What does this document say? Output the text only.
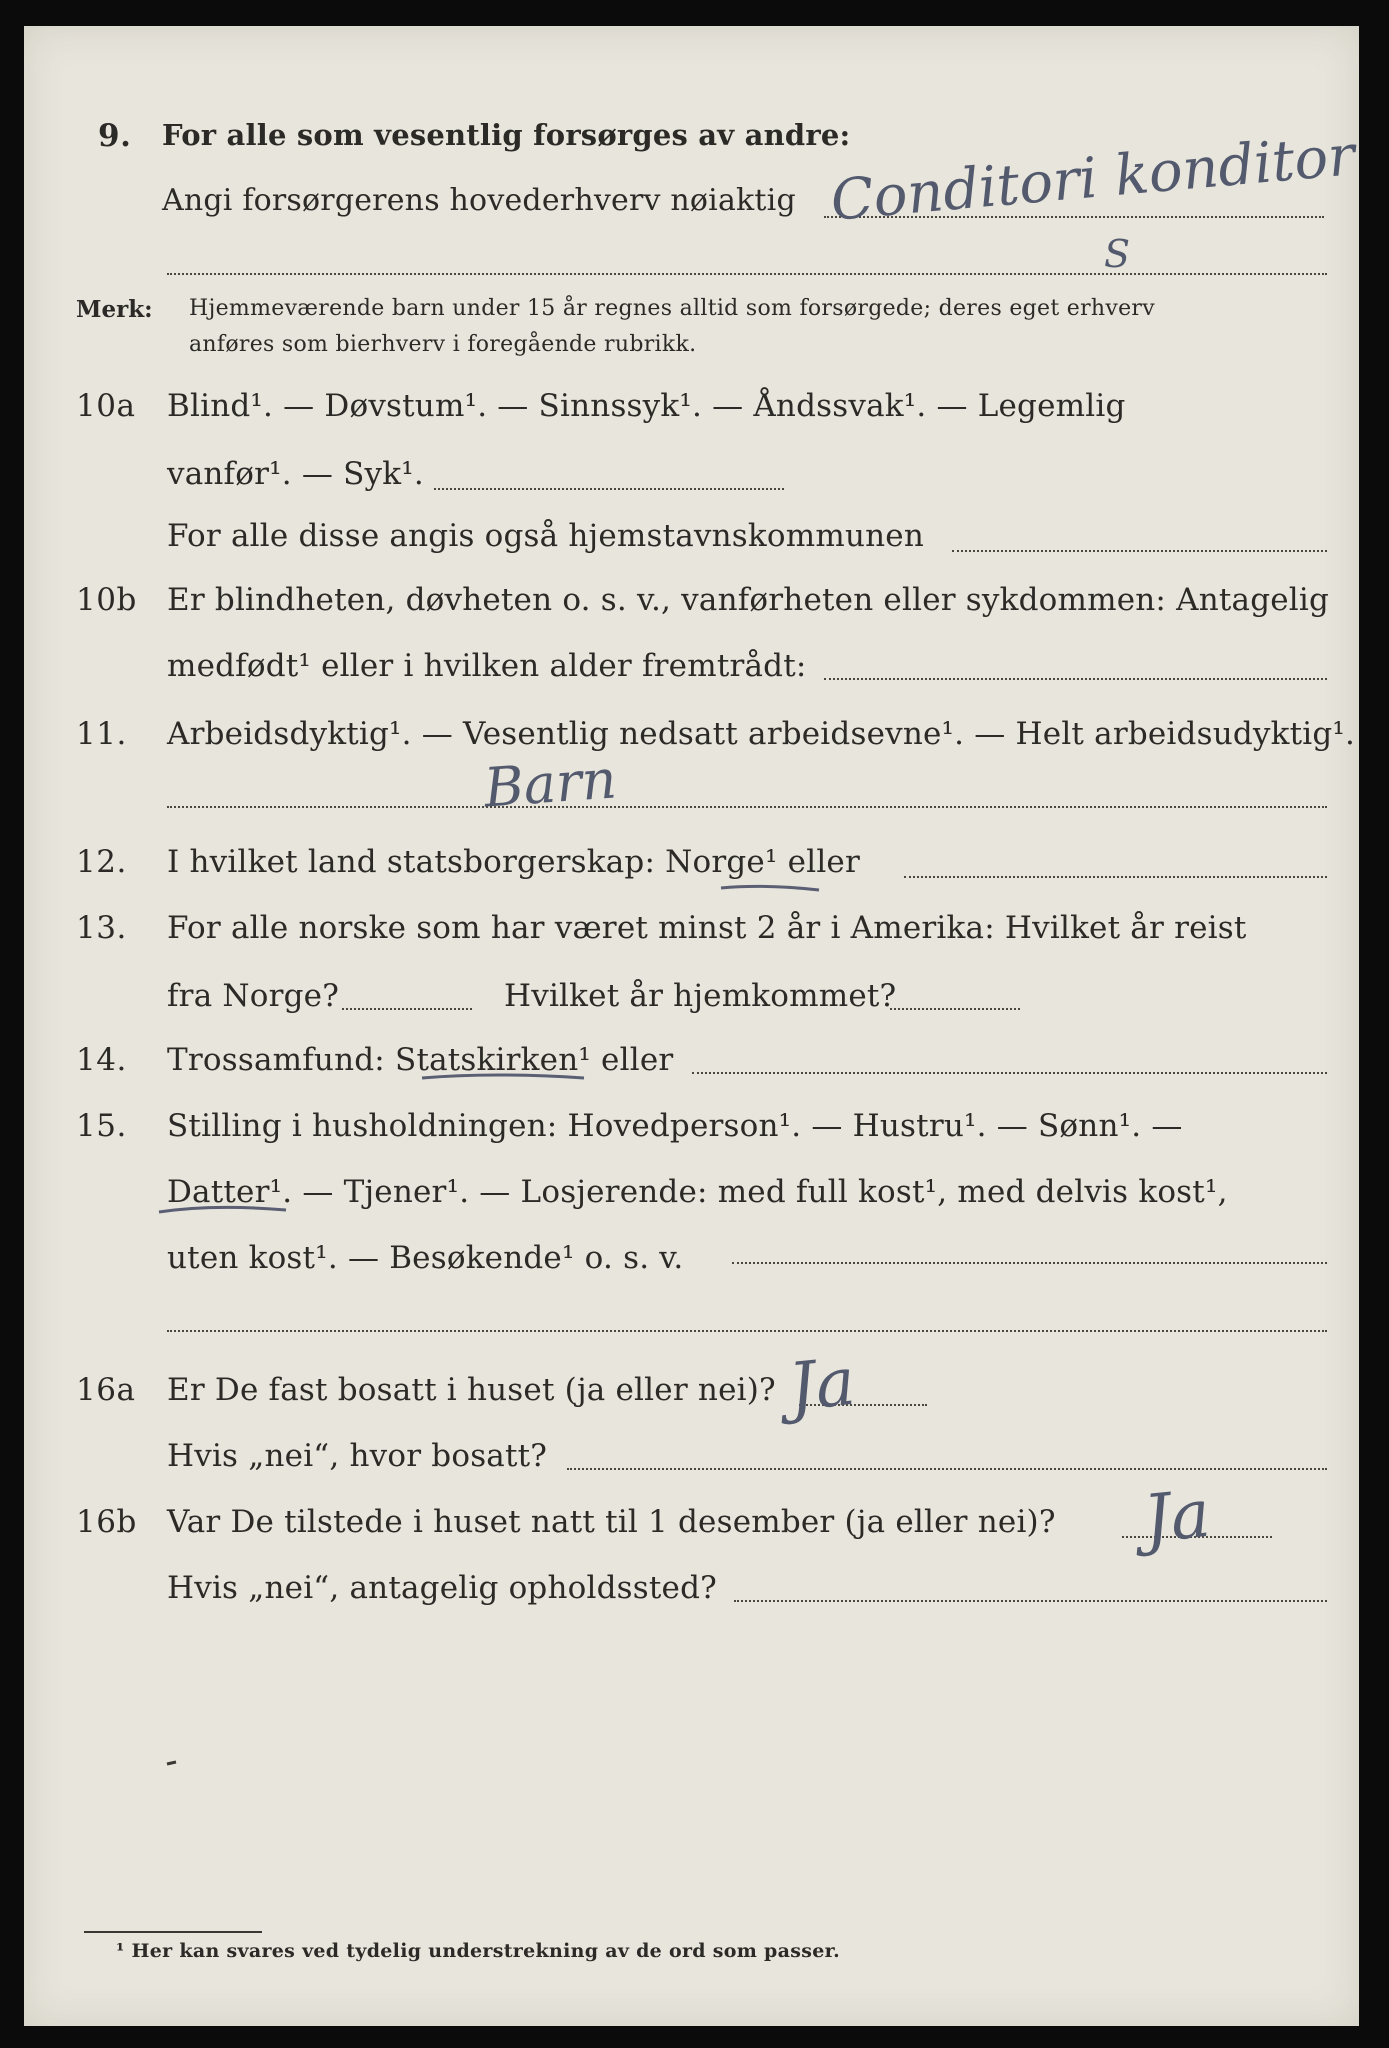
9. For alle som vesentlig forsørges av andre:
Angi forsørgerens hovederhverv nøiaktig Conditori konditor
S
Merk: Hjemmeværende barn under 15 år regnes alltid som forsørgede; deres eget erhverv
anføres som bierhverv i foregående rubrikk.
10a Blind¹. — Døvstum¹. — Sinnssyk¹. — Åndssvak¹. — Legemlig
vanfør¹. — Syk¹.
For alle disse angis også hjemstavnskommunen
10b Er blindheten, døvheten o. s. v., vanførheten eller sykdommen: Antagelig
medfødt¹ eller i hvilken alder fremtrådt:
11. Arbeidsdyktig¹. — Vesentlig nedsatt arbeidsevne¹. — Helt arbeidsudyktig¹.
Barn
12. I hvilket land statsborgerskap: Norge¹ eller
13. For alle norske som har været minst 2 år i Amerika: Hvilket år reist
fra Norge?	Hvilket år hjemkommet?
14. Trossamfund: Statskirken¹ eller
15. Stilling i husholdningen: Hovedperson¹. — Hustru¹. — Sønn¹. —
Datter¹. — Tjener¹. — Losjerende: med full kost¹, med delvis kost¹,
uten kost¹. — Besøkende¹ o. s. v.
16a Er De fast bosatt i huset (ja eller nei)? Ja
Hvis „nei“, hvor bosatt?
16b Var De tilstede i huset natt til 1 desember (ja eller nei)? Ja
Hvis „nei“, antagelig opholdssted?
¹ Her kan svares ved tydelig understrekning av de ord som passer.
